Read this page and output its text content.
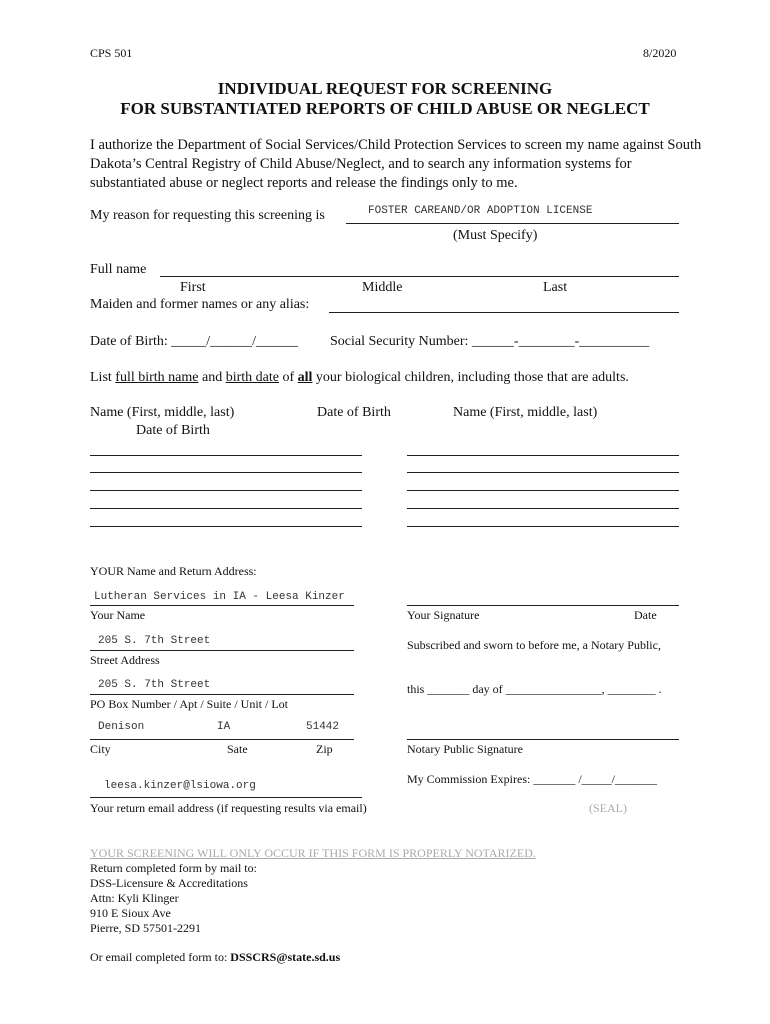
CPS 501	8/2020
INDIVIDUAL REQUEST FOR SCREENING
FOR SUBSTANTIATED REPORTS OF CHILD ABUSE OR NEGLECT
I authorize the Department of Social Services/Child Protection Services to screen my name against South Dakota’s Central Registry of Child Abuse/Neglect, and to search any information systems for substantiated abuse or neglect reports and release the findings only to me.
My reason for requesting this screening is	FOSTER CAREAND/OR ADOPTION LICENSE
(Must Specify)
Full name
First	Middle	Last
Maiden and former names or any alias:
Date of Birth: _____/______/______ Social Security Number: ______-________-__________
List full birth name and birth date of all your biological children, including those that are adults.
Name (First, middle, last)	Date of Birth	Name (First, middle, last)
Date of Birth
YOUR Name and Return Address:
Lutheran Services in IA - Leesa Kinzer
Your Name
205 S. 7th Street
Street Address
205 S. 7th Street
PO Box Number / Apt / Suite / Unit / Lot
Denison	IA	51442
City	Sate	Zip
leesa.kinzer@lsiowa.org
Your return email address (if requesting results via email)
Your Signature	Date
Subscribed and sworn to before me, a Notary Public,
this _______ day of ________________, ________ .
Notary Public Signature
My Commission Expires: _______ /_____/_______
(SEAL)
YOUR SCREENING WILL ONLY OCCUR IF THIS FORM IS PROPERLY NOTARIZED.
Return completed form by mail to:
DSS-Licensure & Accreditations
Attn: Kyli Klinger
910 E Sioux Ave
Pierre, SD 57501-2291
Or email completed form to: DSSCRS@state.sd.us
